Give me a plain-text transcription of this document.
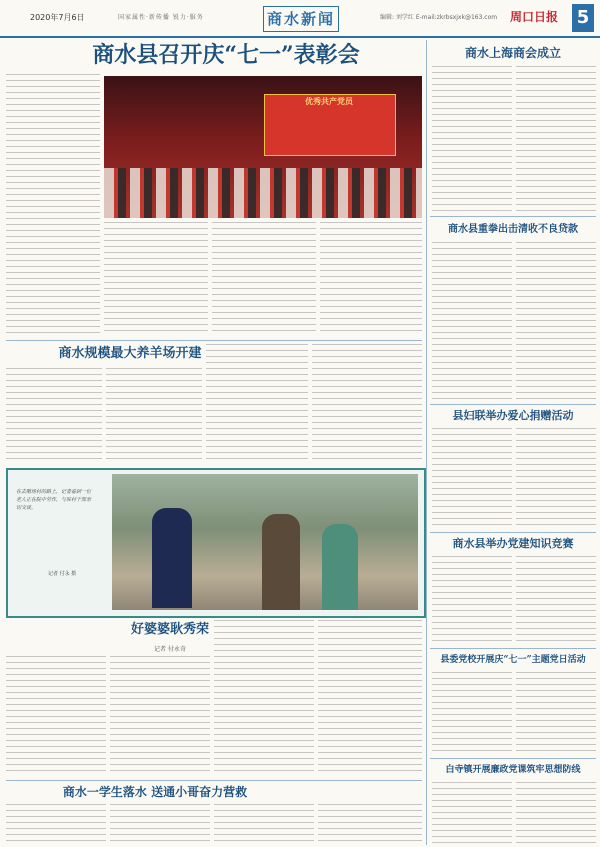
2020年7月6日	国家属性·新传播 锐力·服务	商水新闻	编辑: 刘学红 E-mail:zkrbsxjxk@163.com 周口日报 5
商水县召开庆“七一”表彰会
优秀共产党员
商水规模最大养羊场开建
在去鹅场村的路上，记者看到一位老人正在院中劳作，与驻村干部亲切交谈。
记者 付永 摄
好婆婆耿秀荣
记者 付永奇
商水一学生落水 送通小哥奋力营救
商水上海商会成立
商水县重拳出击清收不良贷款
县妇联举办爱心捐赠活动
商水县举办党建知识竞赛
县委党校开展庆“七一”主题党日活动
白寺镇开展廉政党课筑牢思想防线
